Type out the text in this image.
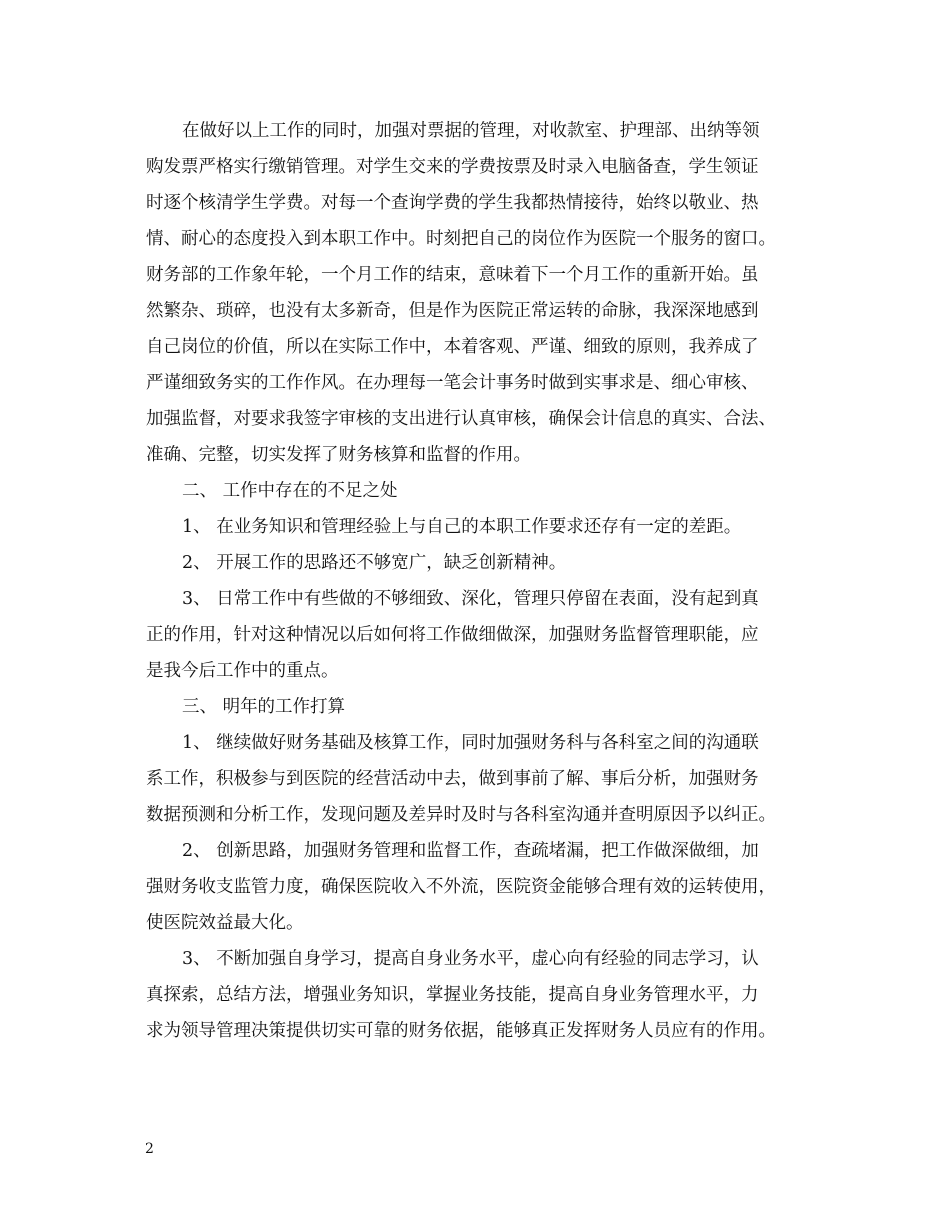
在做好以上工作的同时，加强对票据的管理，对收款室、护理部、出纳等领

购发票严格实行缴销管理。对学生交来的学费按票及时录入电脑备查，学生领证

时逐个核清学生学费。对每一个查询学费的学生我都热情接待，始终以敬业、热

情、耐心的态度投入到本职工作中。时刻把自己的岗位作为医院一个服务的窗口。

财务部的工作象年轮，一个月工作的结束，意味着下一个月工作的重新开始。虽

然繁杂、琐碎，也没有太多新奇，但是作为医院正常运转的命脉，我深深地感到

自己岗位的价值，所以在实际工作中，本着客观、严谨、细致的原则，我养成了

严谨细致务实的工作作风。在办理每一笔会计事务时做到实事求是、细心审核、

加强监督，对要求我签字审核的支出进行认真审核，确保会计信息的真实、合法、

准确、完整，切实发挥了财务核算和监督的作用。

二、 工作中存在的不足之处

1、 在业务知识和管理经验上与自己的本职工作要求还存有一定的差距。

2、 开展工作的思路还不够宽广，缺乏创新精神。

3、 日常工作中有些做的不够细致、深化，管理只停留在表面，没有起到真

正的作用，针对这种情况以后如何将工作做细做深，加强财务监督管理职能，应

是我今后工作中的重点。

三、 明年的工作打算

1、 继续做好财务基础及核算工作，同时加强财务科与各科室之间的沟通联

系工作，积极参与到医院的经营活动中去，做到事前了解、事后分析，加强财务

数据预测和分析工作，发现问题及差异时及时与各科室沟通并查明原因予以纠正。

2、 创新思路，加强财务管理和监督工作，查疏堵漏，把工作做深做细，加

强财务收支监管力度，确保医院收入不外流，医院资金能够合理有效的运转使用，

使医院效益最大化。

3、 不断加强自身学习，提高自身业务水平，虚心向有经验的同志学习，认

真探索，总结方法，增强业务知识，掌握业务技能，提高自身业务管理水平，力

求为领导管理决策提供切实可靠的财务依据，能够真正发挥财务人员应有的作用。

2
